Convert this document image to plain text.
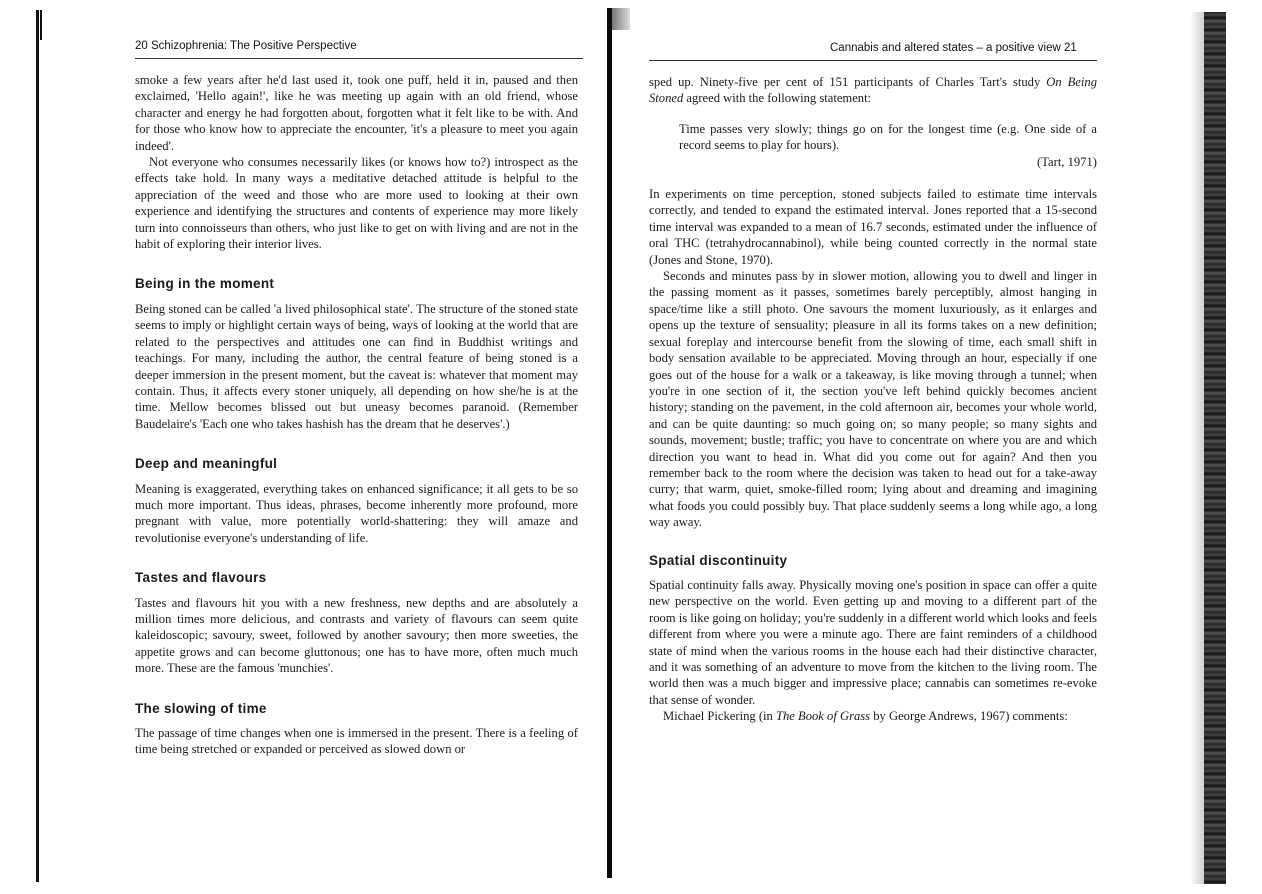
20 Schizophrenia: The Positive Perspective

smoke a few years after he'd last used it, took one puff, held it in, paused and then exclaimed, 'Hello again!', like he was meeting up again with an old friend, whose character and energy he had forgotten about, forgotten what it felt like to be with. And for those who know how to appreciate the encounter, 'it's a pleasure to meet you again indeed'.

Not everyone who consumes necessarily likes (or knows how to?) introspect as the effects take hold. In many ways a meditative detached attitude is helpful to the appreciation of the weed and those who are more used to looking at their own experience and identifying the structures and contents of experience may more likely turn into connoisseurs than others, who just like to get on with living and are not in the habit of exploring their interior lives.

Being in the moment

Being stoned can be called 'a lived philosophical state'. The structure of the stoned state seems to imply or highlight certain ways of being, ways of looking at the world that are related to the perspectives and attitudes one can find in Buddhist writings and teachings. For many, including the author, the central feature of being stoned is a deeper immersion in the present moment, but the caveat is: whatever that moment may contain. Thus, it affects every stoner uniquely, all depending on how she/he is at the time. Mellow becomes blissed out but uneasy becomes paranoid. (Remember Baudelaire's 'Each one who takes hashish has the dream that he deserves'.)

Deep and meaningful

Meaning is exaggerated, everything takes on enhanced significance; it all gets to be so much more important. Thus ideas, phrases, become inherently more profound, more pregnant with value, more potentially world-shattering: they will amaze and revolutionise everyone's understanding of life.

Tastes and flavours

Tastes and flavours hit you with a new freshness, new depths and are absolutely a million times more delicious, and contrasts and variety of flavours can seem quite kaleidoscopic; savoury, sweet, followed by another savoury; then more sweeties, the appetite grows and can become gluttonous; one has to have more, often much much more. These are the famous 'munchies'.

The slowing of time

The passage of time changes when one is immersed in the present. There is a feeling of time being stretched or expanded or perceived as slowed down or

Cannabis and altered states – a positive view 21

sped up. Ninety-five per cent of 151 participants of Charles Tart's study On Being Stoned agreed with the following statement:

Time passes very slowly; things go on for the longest time (e.g. One side of a record seems to play for hours).

(Tart, 1971)

In experiments on time perception, stoned subjects failed to estimate time intervals correctly, and tended to expand the estimated interval. Jones reported that a 15-second time interval was expanded to a mean of 16.7 seconds, estimated under the influence of oral THC (tetrahydrocannabinol), while being counted correctly in the normal state (Jones and Stone, 1970).

Seconds and minutes pass by in slower motion, allowing you to dwell and linger in the passing moment as it passes, sometimes barely perceptibly, almost hanging in space/time like a still photo. One savours the moment luxuriously, as it enlarges and opens up the texture of sensuality; pleasure in all its forms takes on a new definition; sexual foreplay and intercourse benefit from the slowing of time, each small shift in body sensation available to be appreciated. Moving through an hour, especially if one goes out of the house for a walk or a takeaway, is like moving through a tunnel; when you're in one section of it, the section you've left behind quickly becomes ancient history; standing on the pavement, in the cold afternoon air, becomes your whole world, and can be quite daunting: so much going on; so many people; so many sights and sounds, movement; bustle; traffic; you have to concentrate on where you are and which direction you want to head in. What did you come out for again? And then you remember back to the room where the decision was taken to head out for a take-away curry; that warm, quiet, smoke-filled room; lying about and dreaming and imagining what foods you could possibly buy. That place suddenly seems a long while ago, a long way away.

Spatial discontinuity

Spatial continuity falls away. Physically moving one's position in space can offer a quite new perspective on the world. Even getting up and moving to a different part of the room is like going on holiday; you're suddenly in a different world which looks and feels different from where you were a minute ago. There are faint reminders of a childhood state of mind when the various rooms in the house each had their distinctive character, and it was something of an adventure to move from the kitchen to the living room. The world then was a much bigger and impressive place; cannabis can sometimes re-evoke that sense of wonder.

Michael Pickering (in The Book of Grass by George Andrews, 1967) comments:
